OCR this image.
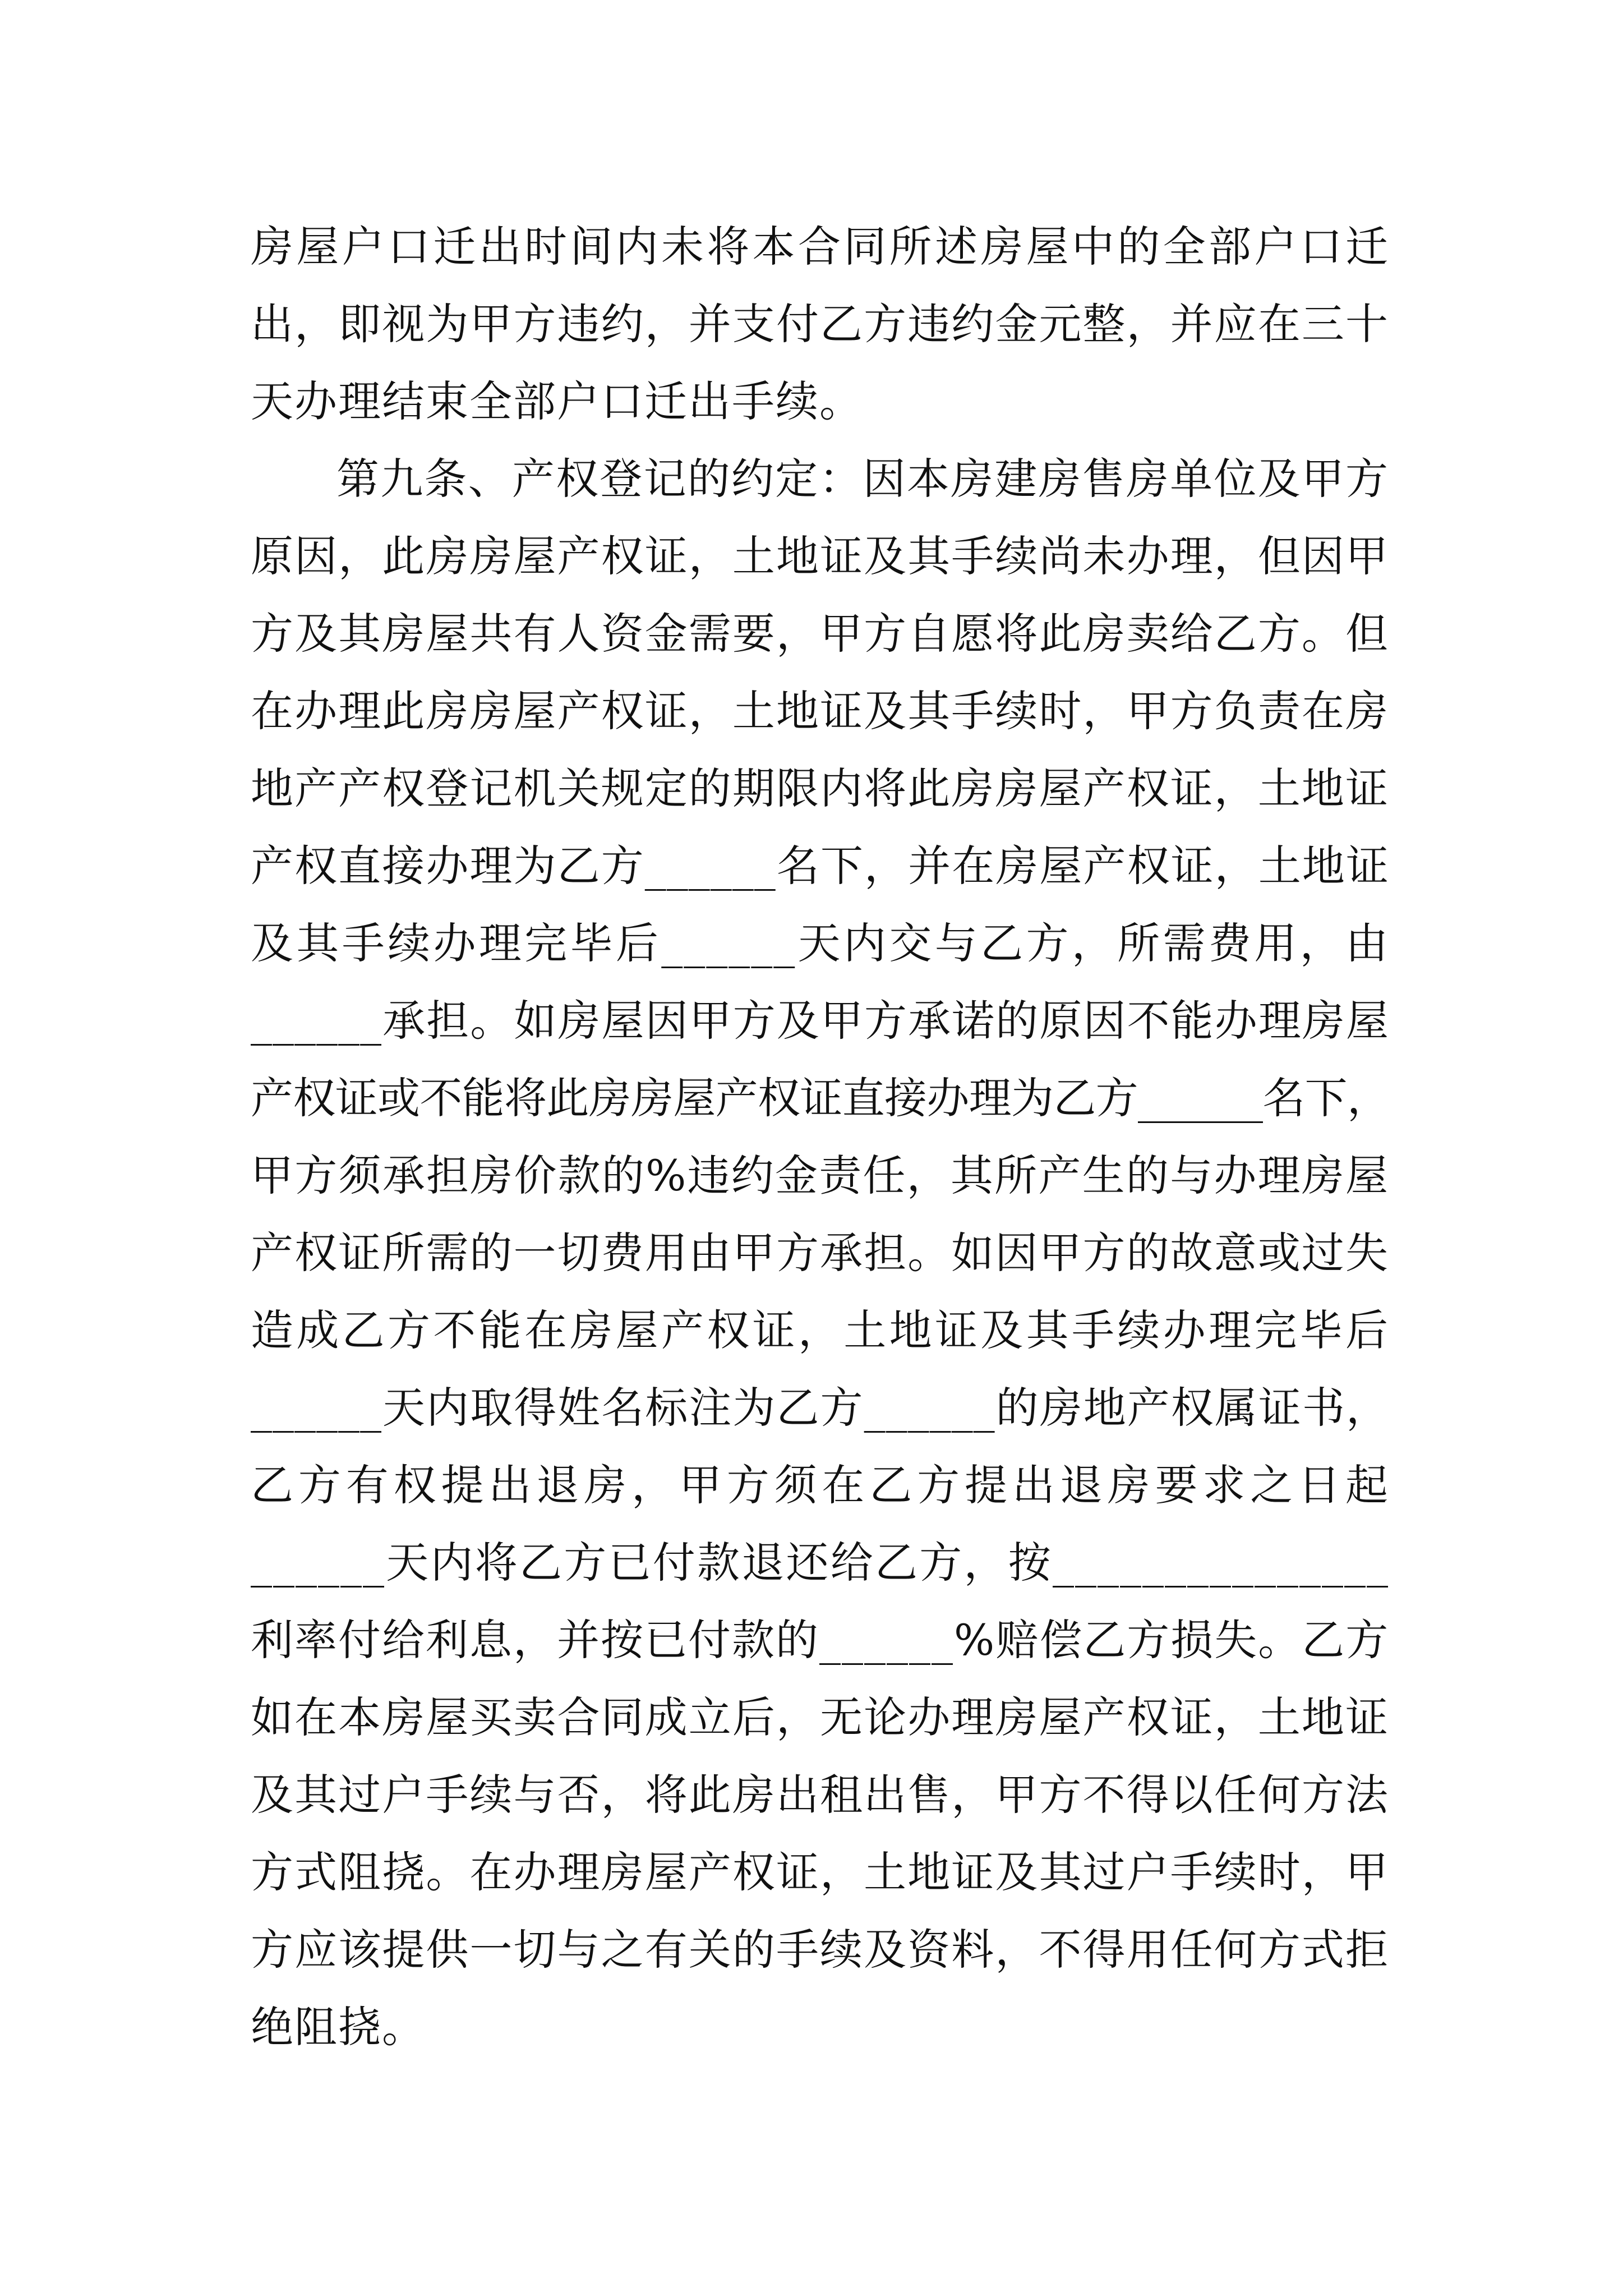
房屋户口迁出时间内未将本合同所述房屋中的全部户口迁
出，即视为甲方违约，并支付乙方违约金元整，并应在三十
天办理结束全部户口迁出手续。
第九条、产权登记的约定：因本房建房售房单位及甲方
原因，此房房屋产权证，土地证及其手续尚未办理，但因甲
方及其房屋共有人资金需要，甲方自愿将此房卖给乙方。但
在办理此房房屋产权证，土地证及其手续时，甲方负责在房
地产产权登记机关规定的期限内将此房房屋产权证，土地证
产权直接办理为乙方______名下，并在房屋产权证，土地证
及其手续办理完毕后______天内交与乙方，所需费用，由
______承担。如房屋因甲方及甲方承诺的原因不能办理房屋
产权证或不能将此房房屋产权证直接办理为乙方______名下，
甲方须承担房价款的%违约金责任，其所产生的与办理房屋
产权证所需的一切费用由甲方承担。如因甲方的故意或过失
造成乙方不能在房屋产权证，土地证及其手续办理完毕后
______天内取得姓名标注为乙方______的房地产权属证书，
乙方有权提出退房，甲方须在乙方提出退房要求之日起
______天内将乙方已付款退还给乙方，按_______________
利率付给利息，并按已付款的______%赔偿乙方损失。乙方
如在本房屋买卖合同成立后，无论办理房屋产权证，土地证
及其过户手续与否，将此房出租出售，甲方不得以任何方法
方式阻挠。在办理房屋产权证，土地证及其过户手续时，甲
方应该提供一切与之有关的手续及资料，不得用任何方式拒
绝阻挠。
